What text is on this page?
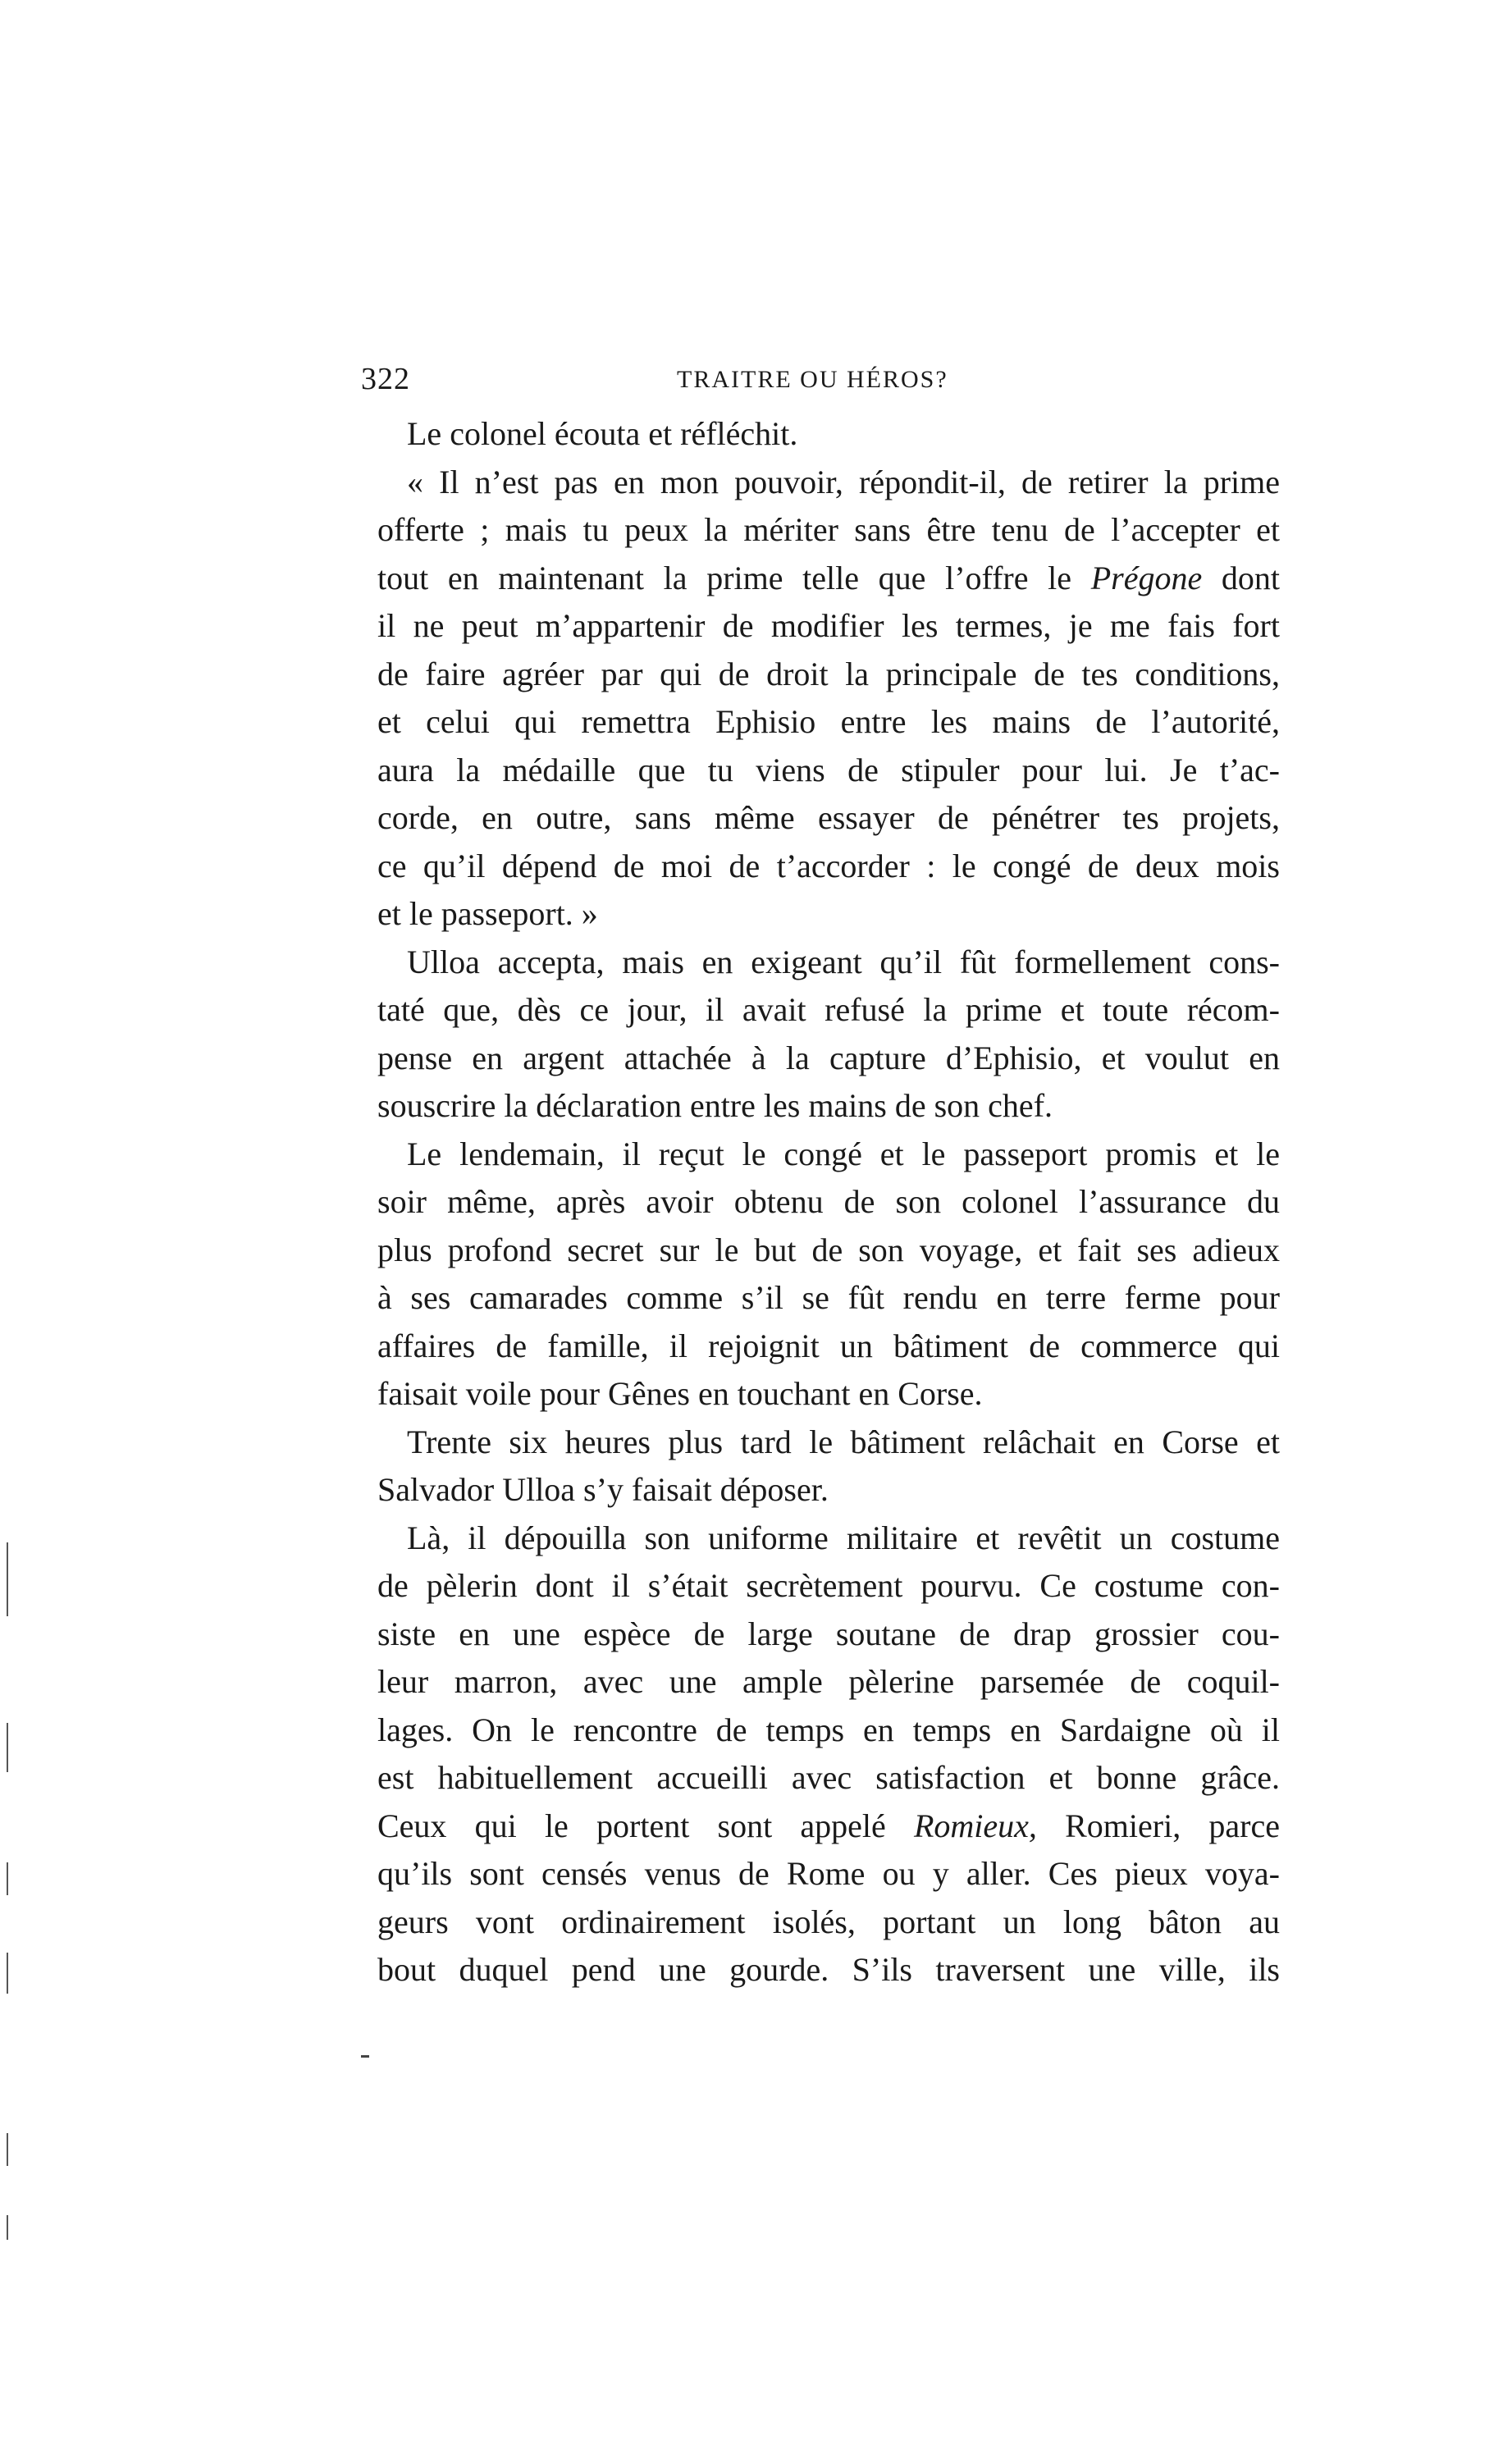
322	TRAITRE OU HÉROS?
Le colonel écouta et réfléchit.
« Il n’est pas en mon pouvoir, répondit-il, de retirer la prime
offerte ; mais tu peux la mériter sans être tenu de l’accepter et
tout en maintenant la prime telle que l’offre le Prégone dont
il ne peut m’appartenir de modifier les termes, je me fais fort
de faire agréer par qui de droit la principale de tes conditions,
et celui qui remettra Ephisio entre les mains de l’autorité,
aura la médaille que tu viens de stipuler pour lui. Je t’ac-
corde, en outre, sans même essayer de pénétrer tes projets,
ce qu’il dépend de moi de t’accorder : le congé de deux mois
et le passeport. »
Ulloa accepta, mais en exigeant qu’il fût formellement cons-
taté que, dès ce jour, il avait refusé la prime et toute récom-
pense en argent attachée à la capture d’Ephisio, et voulut en
souscrire la déclaration entre les mains de son chef.
Le lendemain, il reçut le congé et le passeport promis et le
soir même, après avoir obtenu de son colonel l’assurance du
plus profond secret sur le but de son voyage, et fait ses adieux
à ses camarades comme s’il se fût rendu en terre ferme pour
affaires de famille, il rejoignit un bâtiment de commerce qui
faisait voile pour Gênes en touchant en Corse.
Trente six heures plus tard le bâtiment relâchait en Corse et
Salvador Ulloa s’y faisait déposer.
Là, il dépouilla son uniforme militaire et revêtit un costume
de pèlerin dont il s’était secrètement pourvu. Ce costume con-
siste en une espèce de large soutane de drap grossier cou-
leur marron, avec une ample pèlerine parsemée de coquil-
lages. On le rencontre de temps en temps en Sardaigne où il
est habituellement accueilli avec satisfaction et bonne grâce.
Ceux qui le portent sont appelé Romieux, Romieri, parce
qu’ils sont censés venus de Rome ou y aller. Ces pieux voya-
geurs vont ordinairement isolés, portant un long bâton au
bout duquel pend une gourde. S’ils traversent une ville, ils
